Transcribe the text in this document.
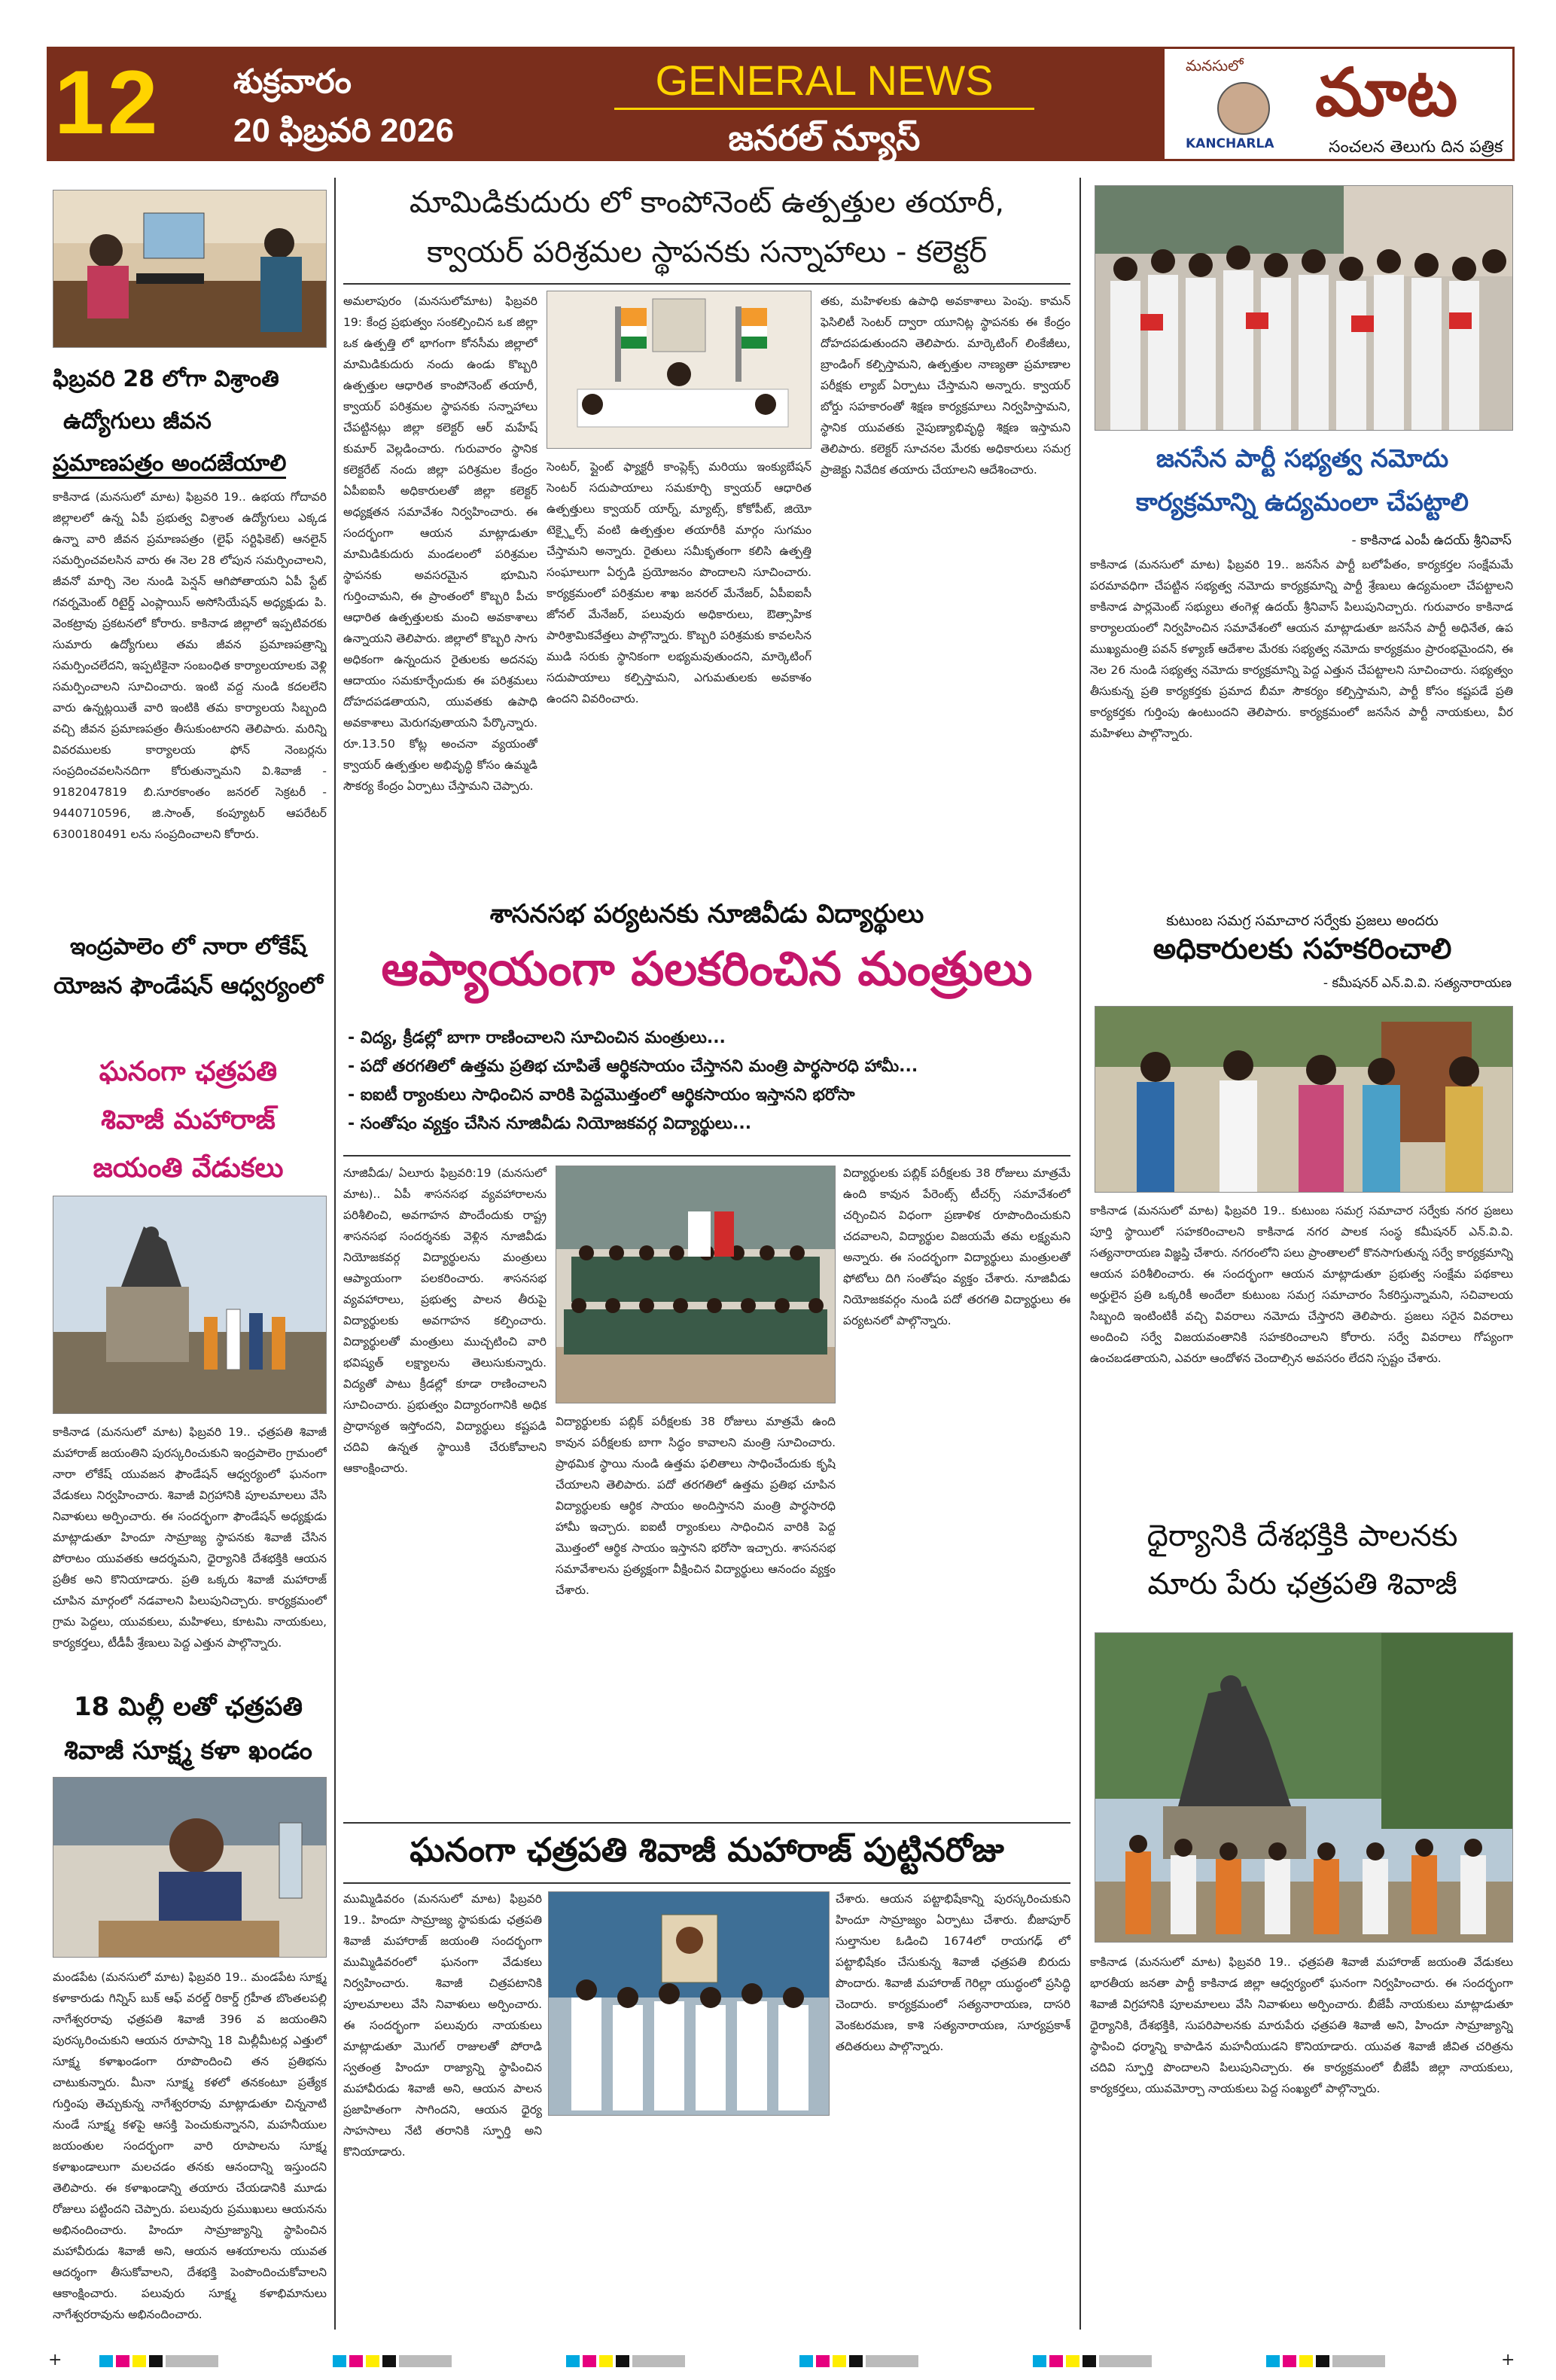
12 శుక్రవారం
20 ఫిబ్రవరి 2026
GENERAL NEWS
జనరల్ న్యూస్
మనసులో మాట
KANCHARLA	సంచలన తెలుగు దిన పత్రిక
ఫిబ్రవరి 28 లోగా విశ్రాంతి
ఉద్యోగులు జీవన
ప్రమాణపత్రం అందజేయాలి
కాకినాడ (మనసులో మాట) ఫిబ్రవరి 19.. ఉభయ గోదావరి జిల్లాలలో ఉన్న ఏపీ ప్రభుత్వ విశ్రాంత ఉద్యోగులు ఎక్కడ ఉన్నా వారి జీవన ప్రమాణపత్రం (లైఫ్ సర్టిఫికెట్) ఆనలైన్ సమర్పించవలసిన వారు ఈ నెల 28 లోపున సమర్పించాలని, జీవనో మార్చి నెల నుండి పెన్షన్ ఆగిపోతాయని ఏపీ స్టేట్ గవర్నమెంట్ రిటైర్డ్ ఎంప్లాయిస్ అసోసియేషన్ అధ్యక్షుడు పి. వెంకట్రావు ప్రకటనలో కోరారు. కాకినాడ జిల్లాలో ఇప్పటివరకు సుమారు ఉద్యోగులు తమ జీవన ప్రమాణపత్రాన్ని సమర్పించలేదని, ఇప్పటికైనా సంబంధిత కార్యాలయాలకు వెళ్లి సమర్పించాలని సూచించారు. ఇంటి వద్ద నుండి కదలలేని వారు ఉన్నట్లయితే వారి ఇంటికి తమ కార్యాలయ సిబ్బంది వచ్చి జీవన ప్రమాణపత్రం తీసుకుంటారని తెలిపారు. మరిన్ని వివరములకు కార్యాలయ ఫోన్ నెంబర్లను సంప్రదించవలసినదిగా కోరుతున్నామని వి.శివాజీ - 9182047819 బి.సూరకాంతం జనరల్ సెక్రటరీ - 9440710596, జి.సాంత్, కంప్యూటర్ ఆపరేటర్ 6300180491 లను సంప్రదించాలని కోరారు.
ఇంద్రపాలెం లో నారా లోకేష్
యోజన ఫౌండేషన్ ఆధ్వర్యంలో
ఘనంగా ఛత్రపతి
శివాజీ మహారాజ్
జయంతి వేడుకలు
కాకినాడ (మనసులో మాట) ఫిబ్రవరి 19.. ఛత్రపతి శివాజీ మహారాజ్ జయంతిని పురస్కరించుకుని ఇంద్రపాలెం గ్రామంలో నారా లోకేష్ యువజన ఫౌండేషన్ ఆధ్వర్యంలో ఘనంగా వేడుకలు నిర్వహించారు. శివాజీ విగ్రహానికి పూలమాలలు వేసి నివాళులు అర్పించారు. ఈ సందర్భంగా ఫౌండేషన్ అధ్యక్షుడు మాట్లాడుతూ హిందూ సామ్రాజ్య స్థాపనకు శివాజీ చేసిన పోరాటం యువతకు ఆదర్శమని, ధైర్యానికి దేశభక్తికి ఆయన ప్రతీక అని కొనియాడారు. ప్రతి ఒక్కరు శివాజీ మహారాజ్ చూపిన మార్గంలో నడవాలని పిలుపునిచ్చారు. కార్యక్రమంలో గ్రామ పెద్దలు, యువకులు, మహిళలు, కూటమి నాయకులు, కార్యకర్తలు, టీడీపీ శ్రేణులు పెద్ద ఎత్తున పాల్గొన్నారు.
18 మిల్లీ లతో ఛత్రపతి
శివాజీ సూక్ష్మ కళా ఖండం
మండపేట (మనసులో మాట) ఫిబ్రవరి 19.. మండపేట సూక్ష్మ కళాకారుడు గిన్నిస్ బుక్ ఆఫ్ వరల్డ్ రికార్డ్ గ్రహీత బొంతలపల్లి నాగేశ్వరరావు ఛత్రపతి శివాజీ 396 వ జయంతిని పురస్కరించుకుని ఆయన రూపాన్ని 18 మిల్లీమీటర్ల ఎత్తులో సూక్ష్మ కళాఖండంగా రూపొందించి తన ప్రతిభను చాటుకున్నారు. మీనా సూక్ష్మ కళలో తనకంటూ ప్రత్యేక గుర్తింపు తెచ్చుకున్న నాగేశ్వరరావు మాట్లాడుతూ చిన్ననాటి నుండే సూక్ష్మ కళపై ఆసక్తి పెంచుకున్నానని, మహనీయుల జయంతుల సందర్భంగా వారి రూపాలను సూక్ష్మ కళాఖండాలుగా మలచడం తనకు ఆనందాన్ని ఇస్తుందని తెలిపారు. ఈ కళాఖండాన్ని తయారు చేయడానికి మూడు రోజులు పట్టిందని చెప్పారు. పలువురు ప్రముఖులు ఆయనను అభినందించారు. హిందూ సామ్రాజ్యాన్ని స్థాపించిన మహావీరుడు శివాజీ అని, ఆయన ఆశయాలను యువత ఆదర్శంగా తీసుకోవాలని, దేశభక్తి పెంపొందించుకోవాలని ఆకాంక్షించారు. పలువురు సూక్ష్మ కళాభిమానులు నాగేశ్వరరావును అభినందించారు.
మామిడికుదురు లో కాంపోనెంట్ ఉత్పత్తుల తయారీ,
క్వాయర్ పరిశ్రమల స్థాపనకు సన్నాహాలు - కలెక్టర్
అమలాపురం (మనసులోమాట) ఫిబ్రవరి 19: కేంద్ర ప్రభుత్వం సంకల్పించిన ఒక జిల్లా ఒక ఉత్పత్తి లో భాగంగా కోనసీమ జిల్లాలో మామిడికుదురు నందు ఉండు కొబ్బరి ఉత్పత్తుల ఆధారిత కాంపోనెంట్ తయారీ, క్వాయర్ పరిశ్రమల స్థాపనకు సన్నాహాలు చేపట్టినట్లు జిల్లా కలెక్టర్ ఆర్ మహేష్ కుమార్ వెల్లడించారు. గురువారం స్థానిక కలెక్టరేట్ నందు జిల్లా పరిశ్రమల కేంద్రం ఏపీఐఐసీ అధికారులతో జిల్లా కలెక్టర్ అధ్యక్షతన సమావేశం నిర్వహించారు. ఈ సందర్భంగా ఆయన మాట్లాడుతూ మామిడికుదురు మండలంలో పరిశ్రమల స్థాపనకు అవసరమైన భూమిని గుర్తించామని, ఈ ప్రాంతంలో కొబ్బరి పీచు ఆధారిత ఉత్పత్తులకు మంచి అవకాశాలు ఉన్నాయని తెలిపారు. జిల్లాలో కొబ్బరి సాగు అధికంగా ఉన్నందున రైతులకు అదనపు ఆదాయం సమకూర్చేందుకు ఈ పరిశ్రమలు దోహదపడతాయని, యువతకు ఉపాధి అవకాశాలు మెరుగవుతాయని పేర్కొన్నారు. రూ.13.50 కోట్ల అంచనా వ్యయంతో క్వాయర్ ఉత్పత్తుల అభివృద్ధి కోసం ఉమ్మడి సౌకర్య కేంద్రం ఏర్పాటు చేస్తామని చెప్పారు.
సెంటర్, ప్లైంట్ ఫ్యాక్టరీ కాంప్లెక్స్ మరియు ఇంక్యుబేషన్ సెంటర్ సదుపాయాలు సమకూర్చి క్వాయర్ ఆధారిత ఉత్పత్తులు క్వాయర్ యార్న్, మ్యాట్స్, కోకోపీట్, జియో టెక్స్టైల్స్ వంటి ఉత్పత్తుల తయారీకి మార్గం సుగమం చేస్తామని అన్నారు. రైతులు సమీకృతంగా కలిసి ఉత్పత్తి సంఘాలుగా ఏర్పడి ప్రయోజనం పొందాలని సూచించారు. కార్యక్రమంలో పరిశ్రమల శాఖ జనరల్ మేనేజర్, ఏపీఐఐసీ జోనల్ మేనేజర్, పలువురు అధికారులు, ఔత్సాహిక పారిశ్రామికవేత్తలు పాల్గొన్నారు. కొబ్బరి పరిశ్రమకు కావలసిన ముడి సరుకు స్థానికంగా లభ్యమవుతుందని, మార్కెటింగ్ సదుపాయాలు కల్పిస్తామని, ఎగుమతులకు అవకాశం ఉందని వివరించారు.
తకు, మహిళలకు ఉపాధి అవకాశాలు పెంపు. కామన్ ఫెసిలిటీ సెంటర్ ద్వారా యూనిట్ల స్థాపనకు ఈ కేంద్రం దోహదపడుతుందని తెలిపారు. మార్కెటింగ్ లింకేజీలు, బ్రాండింగ్ కల్పిస్తామని, ఉత్పత్తుల నాణ్యతా ప్రమాణాల పరీక్షకు ల్యాబ్ ఏర్పాటు చేస్తామని అన్నారు. క్వాయర్ బోర్డు సహకారంతో శిక్షణ కార్యక్రమాలు నిర్వహిస్తామని, స్థానిక యువతకు నైపుణ్యాభివృద్ధి శిక్షణ ఇస్తామని తెలిపారు. కలెక్టర్ సూచనల మేరకు అధికారులు సమగ్ర ప్రాజెక్టు నివేదిక తయారు చేయాలని ఆదేశించారు.
శాసనసభ పర్యటనకు నూజివీడు విద్యార్థులు
ఆప్యాయంగా పలకరించిన మంత్రులు
- విద్య, క్రీడల్లో బాగా రాణించాలని సూచించిన మంత్రులు...
- పదో తరగతిలో ఉత్తమ ప్రతిభ చూపితే ఆర్థికసాయం చేస్తానని మంత్రి పార్థసారధి హామీ...
- ఐఐటీ ర్యాంకులు సాధించిన వారికి పెద్దమొత్తంలో ఆర్థికసాయం ఇస్తానని భరోసా
- సంతోషం వ్యక్తం చేసిన నూజివీడు నియోజకవర్గ విద్యార్థులు...
నూజివీడు/ ఏలూరు ఫిబ్రవరి:19 (మనసులో మాట).. ఏపీ శాసనసభ వ్యవహారాలను పరిశీలించి, అవగాహన పొందేందుకు రాష్ట్ర శాసనసభ సందర్శనకు వెళ్లిన నూజివీడు నియోజకవర్గ విద్యార్థులను మంత్రులు ఆప్యాయంగా పలకరించారు. శాసనసభ వ్యవహారాలు, ప్రభుత్వ పాలన తీరుపై విద్యార్థులకు అవగాహన కల్పించారు. విద్యార్థులతో మంత్రులు ముచ్చటించి వారి భవిష్యత్ లక్ష్యాలను తెలుసుకున్నారు. విద్యతో పాటు క్రీడల్లో కూడా రాణించాలని సూచించారు. ప్రభుత్వం విద్యారంగానికి అధిక ప్రాధాన్యత ఇస్తోందని, విద్యార్థులు కష్టపడి చదివి ఉన్నత స్థాయికి చేరుకోవాలని ఆకాంక్షించారు.
విద్యార్థులకు పబ్లిక్ పరీక్షలకు 38 రోజులు మాత్రమే ఉంది కావున పరీక్షలకు బాగా సిద్ధం కావాలని మంత్రి సూచించారు. ప్రాథమిక స్థాయి నుండి ఉత్తమ ఫలితాలు సాధించేందుకు కృషి చేయాలని తెలిపారు. పదో తరగతిలో ఉత్తమ ప్రతిభ చూపిన విద్యార్థులకు ఆర్థిక సాయం అందిస్తానని మంత్రి పార్థసారధి హామీ ఇచ్చారు. ఐఐటీ ర్యాంకులు సాధించిన వారికి పెద్ద మొత్తంలో ఆర్థిక సాయం ఇస్తానని భరోసా ఇచ్చారు. శాసనసభ సమావేశాలను ప్రత్యక్షంగా వీక్షించిన విద్యార్థులు ఆనందం వ్యక్తం చేశారు.
విద్యార్థులకు పబ్లిక్ పరీక్షలకు 38 రోజులు మాత్రమే ఉంది కావున పేరెంట్స్ టీచర్స్ సమావేశంలో చర్చించిన విధంగా ప్రణాళిక రూపొందించుకుని చదవాలని, విద్యార్థుల విజయమే తమ లక్ష్యమని అన్నారు. ఈ సందర్భంగా విద్యార్థులు మంత్రులతో ఫోటోలు దిగి సంతోషం వ్యక్తం చేశారు. నూజివీడు నియోజకవర్గం నుండి పదో తరగతి విద్యార్థులు ఈ పర్యటనలో పాల్గొన్నారు.
ఘనంగా ఛత్రపతి శివాజీ మహారాజ్ పుట్టినరోజు
ముమ్మిడివరం (మనసులో మాట) ఫిబ్రవరి 19.. హిందూ సామ్రాజ్య స్థాపకుడు ఛత్రపతి శివాజీ మహారాజ్ జయంతి సందర్భంగా ముమ్మిడివరంలో ఘనంగా వేడుకలు నిర్వహించారు. శివాజీ చిత్రపటానికి పూలమాలలు వేసి నివాళులు అర్పించారు. ఈ సందర్భంగా పలువురు నాయకులు మాట్లాడుతూ మొగల్ రాజులతో పోరాడి స్వతంత్ర హిందూ రాజ్యాన్ని స్థాపించిన మహావీరుడు శివాజీ అని, ఆయన పాలన ప్రజాహితంగా సాగిందని, ఆయన ధైర్య సాహసాలు నేటి తరానికి స్ఫూర్తి అని కొనియాడారు.
చేశారు. ఆయన పట్టాభిషేకాన్ని పురస్కరించుకుని హిందూ సామ్రాజ్యం ఏర్పాటు చేశారు. బీజాపూర్ సుల్తానుల ఓడించి 1674లో రాయగఢ్ లో పట్టాభిషేకం చేసుకున్న శివాజీ ఛత్రపతి బిరుదు పొందారు. శివాజీ మహారాజ్ గెరిల్లా యుద్ధంలో ప్రసిద్ధి చెందారు. కార్యక్రమంలో సత్యనారాయణ, దాసరి వెంకటరమణ, కాశి సత్యనారాయణ, సూర్యప్రకాశ్ తదితరులు పాల్గొన్నారు.
జనసేన పార్టీ సభ్యత్వ నమోదు
కార్యక్రమాన్ని ఉద్యమంలా చేపట్టాలి
- కాకినాడ ఎంపీ ఉదయ్ శ్రీనివాస్
కాకినాడ (మనసులో మాట) ఫిబ్రవరి 19.. జనసేన పార్టీ బలోపేతం, కార్యకర్తల సంక్షేమమే పరమావధిగా చేపట్టిన సభ్యత్వ నమోదు కార్యక్రమాన్ని పార్టీ శ్రేణులు ఉద్యమంలా చేపట్టాలని కాకినాడ పార్లమెంట్ సభ్యులు తంగెళ్ల ఉదయ్ శ్రీనివాస్ పిలుపునిచ్చారు. గురువారం కాకినాడ కార్యాలయంలో నిర్వహించిన సమావేశంలో ఆయన మాట్లాడుతూ జనసేన పార్టీ అధినేత, ఉప ముఖ్యమంత్రి పవన్ కళ్యాణ్ ఆదేశాల మేరకు సభ్యత్వ నమోదు కార్యక్రమం ప్రారంభమైందని, ఈ నెల 26 నుండి సభ్యత్వ నమోదు కార్యక్రమాన్ని పెద్ద ఎత్తున చేపట్టాలని సూచించారు. సభ్యత్వం తీసుకున్న ప్రతి కార్యకర్తకు ప్రమాద బీమా సౌకర్యం కల్పిస్తామని, పార్టీ కోసం కష్టపడే ప్రతి కార్యకర్తకు గుర్తింపు ఉంటుందని తెలిపారు. కార్యక్రమంలో జనసేన పార్టీ నాయకులు, వీర మహిళలు పాల్గొన్నారు.
కుటుంబ సమగ్ర సమాచార సర్వేకు ప్రజలు అందరు
అధికారులకు సహకరించాలి
- కమీషనర్ ఎన్.వి.వి. సత్యనారాయణ
కాకినాడ (మనసులో మాట) ఫిబ్రవరి 19.. కుటుంబ సమగ్ర సమాచార సర్వేకు నగర ప్రజలు పూర్తి స్థాయిలో సహకరించాలని కాకినాడ నగర పాలక సంస్థ కమీషనర్ ఎన్.వి.వి. సత్యనారాయణ విజ్ఞప్తి చేశారు. నగరంలోని పలు ప్రాంతాలలో కొనసాగుతున్న సర్వే కార్యక్రమాన్ని ఆయన పరిశీలించారు. ఈ సందర్భంగా ఆయన మాట్లాడుతూ ప్రభుత్వ సంక్షేమ పథకాలు అర్హులైన ప్రతి ఒక్కరికీ అందేలా కుటుంబ సమగ్ర సమాచారం సేకరిస్తున్నామని, సచివాలయ సిబ్బంది ఇంటింటికీ వచ్చి వివరాలు నమోదు చేస్తారని తెలిపారు. ప్రజలు సరైన వివరాలు అందించి సర్వే విజయవంతానికి సహకరించాలని కోరారు. సర్వే వివరాలు గోప్యంగా ఉంచబడతాయని, ఎవరూ ఆందోళన చెందాల్సిన అవసరం లేదని స్పష్టం చేశారు.
ధైర్యానికి దేశభక్తికి పాలనకు
మారు పేరు ఛత్రపతి శివాజీ
కాకినాడ (మనసులో మాట) ఫిబ్రవరి 19.. ఛత్రపతి శివాజీ మహారాజ్ జయంతి వేడుకలు భారతీయ జనతా పార్టీ కాకినాడ జిల్లా ఆధ్వర్యంలో ఘనంగా నిర్వహించారు. ఈ సందర్భంగా శివాజీ విగ్రహానికి పూలమాలలు వేసి నివాళులు అర్పించారు. బీజేపీ నాయకులు మాట్లాడుతూ ధైర్యానికి, దేశభక్తికి, సుపరిపాలనకు మారుపేరు ఛత్రపతి శివాజీ అని, హిందూ సామ్రాజ్యాన్ని స్థాపించి ధర్మాన్ని కాపాడిన మహనీయుడని కొనియాడారు. యువత శివాజీ జీవిత చరిత్రను చదివి స్ఫూర్తి పొందాలని పిలుపునిచ్చారు. ఈ కార్యక్రమంలో బీజేపీ జిల్లా నాయకులు, కార్యకర్తలు, యువమోర్చా నాయకులు పెద్ద సంఖ్యలో పాల్గొన్నారు.
+	+
